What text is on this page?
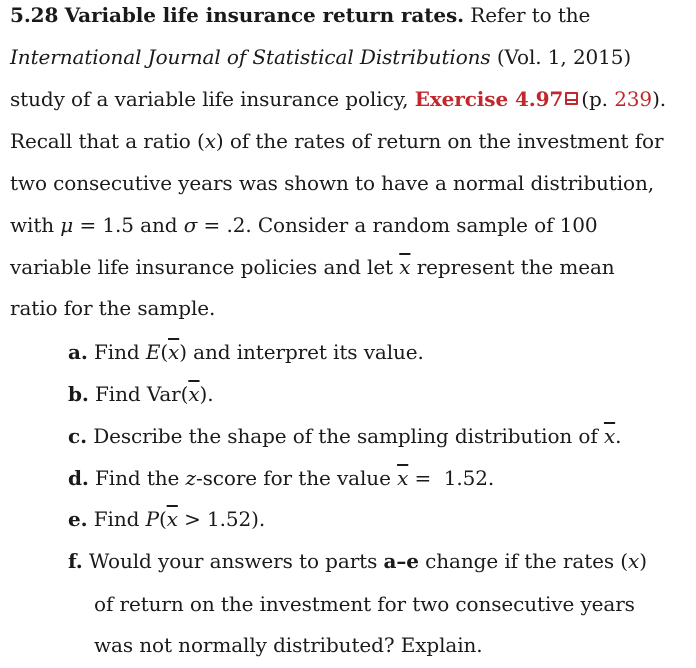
5.28 Variable life insurance return rates. Refer to the
International Journal of Statistical Distributions (Vol. 1, 2015)
study of a variable life insurance policy, Exercise 4.97 (p. 239).
Recall that a ratio (x) of the rates of return on the investment for
two consecutive years was shown to have a normal distribution,
with μ = 1.5 and σ = .2. Consider a random sample of 100
variable life insurance policies and let $\overline{x}$ represent the mean
ratio for the sample.
a. Find $E(\overline{x})$ and interpret its value.
b. Find $Var(\overline{x})$.
c. Describe the shape of the sampling distribution of $\overline{x}$.
d. Find the z-score for the value $\overline{x} = 1.52$.
e. Find $P(\overline{x} > 1.52)$.
f. Would your answers to parts a–e change if the rates (x)
of return on the investment for two consecutive years
was not normally distributed? Explain.
